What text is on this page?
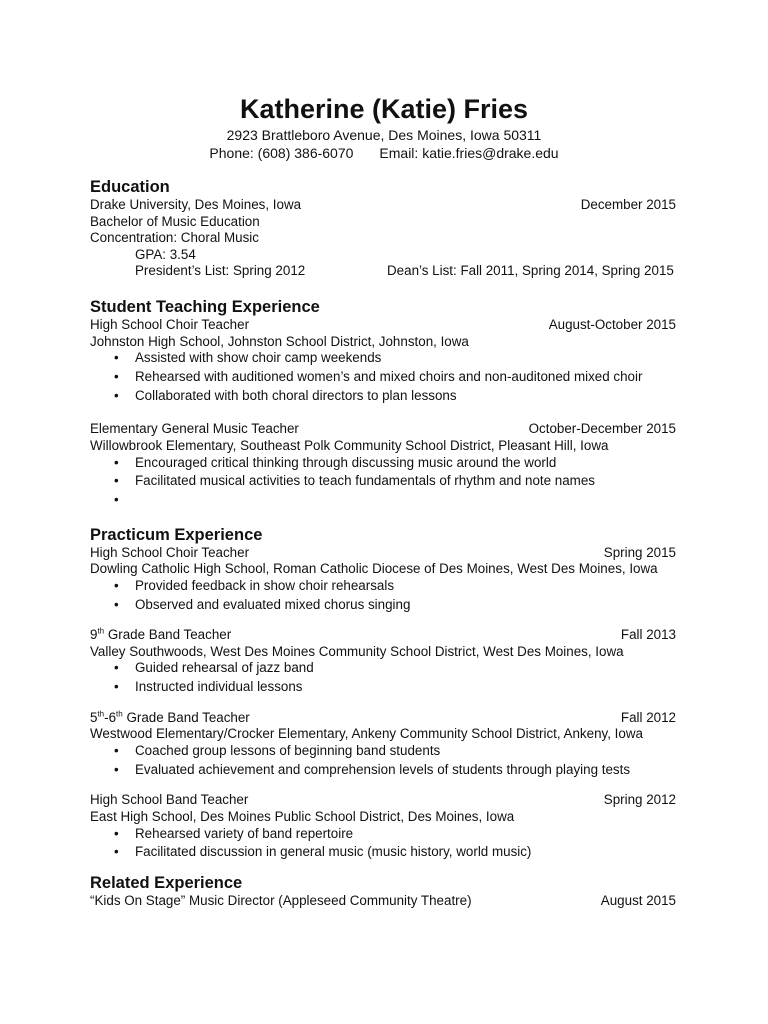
Katherine (Katie) Fries
2923 Brattleboro Avenue, Des Moines, Iowa 50311
Phone: (608) 386-6070 Email: katie.fries@drake.edu
Education
Drake University, Des Moines, Iowa	December 2015
Bachelor of Music Education
Concentration: Choral Music
GPA: 3.54
President’s List: Spring 2012	Dean’s List: Fall 2011, Spring 2014, Spring 2015
Student Teaching Experience
High School Choir Teacher	August-October 2015
Johnston High School, Johnston School District, Johnston, Iowa
• Assisted with show choir camp weekends
• Rehearsed with auditioned women’s and mixed choirs and non-auditoned mixed choir
• Collaborated with both choral directors to plan lessons
Elementary General Music Teacher	October-December 2015
Willowbrook Elementary, Southeast Polk Community School District, Pleasant Hill, Iowa
• Encouraged critical thinking through discussing music around the world
• Facilitated musical activities to teach fundamentals of rhythm and note names
•
Practicum Experience
High School Choir Teacher	Spring 2015
Dowling Catholic High School, Roman Catholic Diocese of Des Moines, West Des Moines, Iowa
• Provided feedback in show choir rehearsals
• Observed and evaluated mixed chorus singing
9th Grade Band Teacher	Fall 2013
Valley Southwoods, West Des Moines Community School District, West Des Moines, Iowa
• Guided rehearsal of jazz band
• Instructed individual lessons
5th-6th Grade Band Teacher	Fall 2012
Westwood Elementary/Crocker Elementary, Ankeny Community School District, Ankeny, Iowa
• Coached group lessons of beginning band students
• Evaluated achievement and comprehension levels of students through playing tests
High School Band Teacher	Spring 2012
East High School, Des Moines Public School District, Des Moines, Iowa
• Rehearsed variety of band repertoire
• Facilitated discussion in general music (music history, world music)
Related Experience
“Kids On Stage” Music Director (Appleseed Community Theatre)	August 2015
